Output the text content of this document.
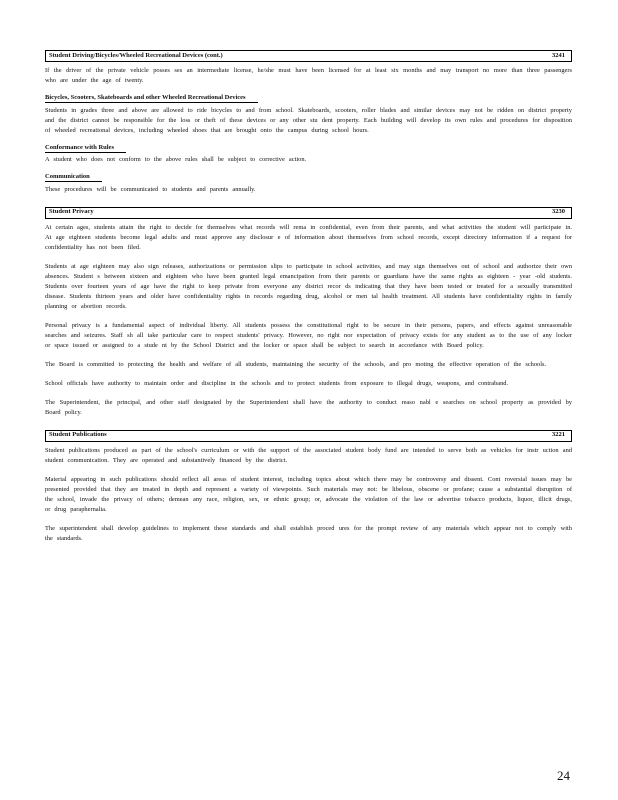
Student Driving/Bicycles/Wheeled Recreational Devices (cont.)	3241

If the driver of the private vehicle posses ses an intermediate license, he/she must have been licensed for at least six months and may transport no more than three passengers who are under the age of twenty.

Bicycles, Scooters, Skateboards and other Wheeled Recreational Devices

Students in grades three and above are allowed to ride bicycles to and from school. Skateboards, scooters, roller blades and similar devices may not be ridden on district property and the district cannot be responsible for the loss or theft of these devices or any other stu dent property. Each building will develop its own rules and procedures for disposition of wheeled recreational devices, including wheeled shoes that are brought onto the campus during school hours.

Conformance with Rules

A student who does not conform to the above rules shall be subject to corrective action.

Communication

These procedures will be communicated to students and parents annually.

Student Privacy	3230

At certain ages, students attain the right to decide for themselves what records will rema in confidential, even from their parents, and what activities the student will participate in. At age eighteen students become legal adults and must approve any disclosur e of information about themselves from school records, except directory information if a request for confidentiality has not been filed.

Students at age eighteen may also sign releases, authorizations or permission slips to participate in school activities, and may sign themselves out of school and authorize their own absences. Student s between sixteen and eighteen who have been granted legal emancipation from their parents or guardians have the same rights as eighteen - year -old students. Students over fourteen years of age have the right to keep private from everyone any district recor ds indicating that they have been tested or treated for a sexually transmitted disease. Students thirteen years and older have confidentiality rights in records regarding drug, alcohol or men tal health treatment. All students have confidentiality rights in family planning or abortion records.

Personal privacy is a fundamental aspect of individual liberty. All students possess the constitutional right to be secure in their persons, papers, and effects against unreasonable searches and seizures. Staff sh all take particular care to respect students' privacy. However, no right nor expectation of privacy exists for any student as to the use of any locker or space issued or assigned to a stude nt by the School District and the locker or space shall be subject to search in accordance with Board policy.

The Board is committed to protecting the health and welfare of all students, maintaining the security of the schools, and pro moting the effective operation of the schools.

School officials have authority to maintain order and discipline in the schools and to protect students from exposure to illegal drugs, weapons, and contraband.

The Superintendent, the principal, and other staff designated by the Superintendent shall have the authority to conduct reaso nabl e searches on school property as provided by Board policy.

Student Publications	3221

Student publications produced as part of the school's curriculum or with the support of the associated student body fund are intended to serve both as vehicles for instr uction and student communication. They are operated and substantively financed by the district.

Material appearing in such publications should reflect all areas of student interest, including topics about which there may be controversy and dissent. Cont roversial issues may be presented provided that they are treated in depth and represent a variety of viewpoints. Such materials may not: be libelous, obscene or profane; cause a substantial disruption of the school, invade the privacy of others; demean any race, religion, sex, or ethnic group; or, advocate the violation of the law or advertise tobacco products, liquor, illicit drugs, or drug paraphernalia.

The superintendent shall develop guidelines to implement these standards and shall establish proced ures for the prompt review of any materials which appear not to comply with the standards.

24
